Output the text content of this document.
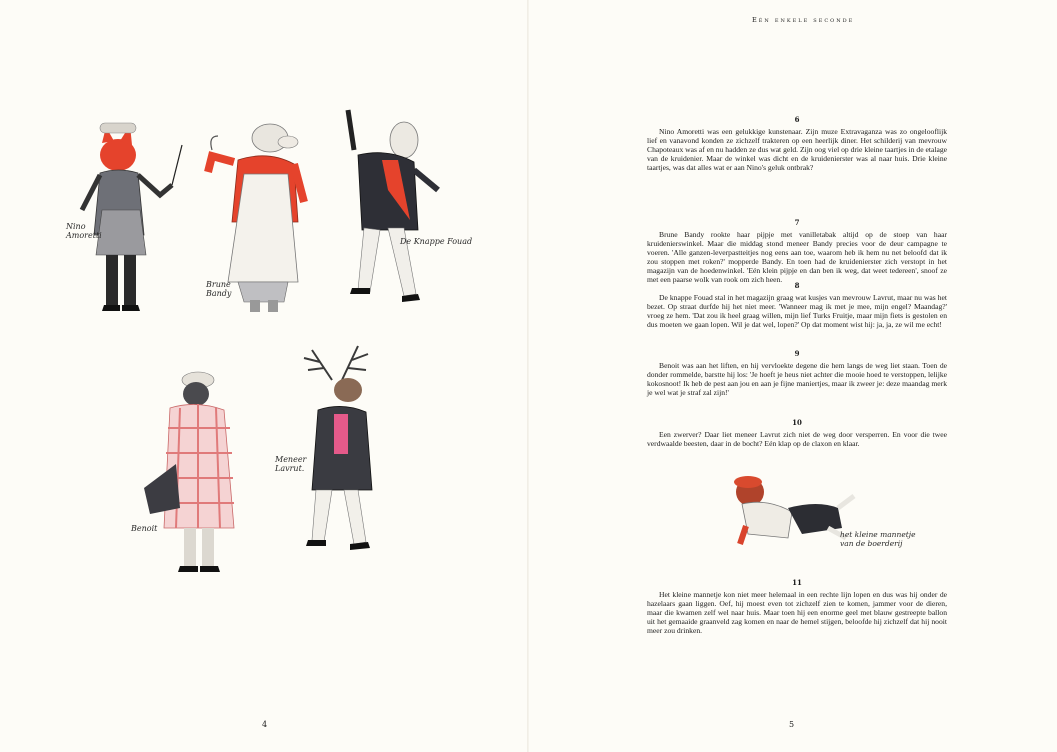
Nino
Amoretti
Brune
Bandy
De Knappe Fouad
Benoit
Meneer
Lavrut.
Eén enkele seconde
6

Nino Amoretti was een gelukkige kunstenaar. Zijn muze Extravaganza was zo ongelooflijk lief en vanavond konden ze zichzelf trakteren op een heerlijk diner. Het schilderij van mevrouw Chapoteaux was af en nu hadden ze dus wat geld. Zijn oog viel op drie kleine taartjes in de etalage van de kruidenier. Maar de winkel was dicht en de kruidenierster was al naar huis. Drie kleine taartjes, was dat alles wat er aan Nino's geluk ontbrak?

7

Brune Bandy rookte haar pijpje met vanilletabak altijd op de stoep van haar kruidenierswinkel. Maar die middag stond meneer Bandy precies voor de deur campagne te voeren. 'Alle ganzen-leverpastteitjes nog eens aan toe, waarom heb ik hem nu net beloofd dat ik zou stoppen met roken?' mopperde Bandy. En toen had de kruidenierster zich verstopt in het magazijn van de hoedenwinkel. 'Eén klein pijpje en dan ben ik weg, dat weet tedereen', snoof ze met een paarse wolk van rook om zich heen.

8

De knappe Fouad stal in het magazijn graag wat kusjes van mevrouw Lavrut, maar nu was het bezet. Op straat durfde hij het niet meer. 'Wanneer mag ik met je mee, mijn engel? Maandag?' vroeg ze hem. 'Dat zou ik heel graag willen, mijn lief Turks Fruitje, maar mijn fiets is gestolen en dus moeten we gaan lopen. Wil je dat wel, lopen?' Op dat moment wist hij: ja, ja, ze wil me echt!

9

Benoit was aan het liften, en hij vervloekte degene die hem langs de weg liet staan. Toen de donder rommelde, barstte hij los: 'Je hoeft je heus niet achter die mooie hoed te verstoppen, lelijke kokosnoot! Ik heb de pest aan jou en aan je fijne maniertjes, maar ik zweer je: deze maandag merk je wel wat je straf zal zijn!'

10

Een zwerver? Daar liet meneer Lavrut zich niet de weg door versperren. En voor die twee verdwaalde beesten, daar in de bocht? Eén klap op de claxon en klaar.

het kleine mannetje
van de boerderij
11

Het kleine mannetje kon niet meer helemaal in een rechte lijn lopen en dus was hij onder de hazelaars gaan liggen. Oef, hij moest even tot zichzelf zien te komen, jammer voor de dieren, maar die kwamen zelf wel naar huis. Maar toen hij een enorme geel met blauw gestreepte ballon uit het gemaaide graanveld zag komen en naar de hemel stijgen, beloofde hij zichzelf dat hij nooit meer zou drinken.

4	5
